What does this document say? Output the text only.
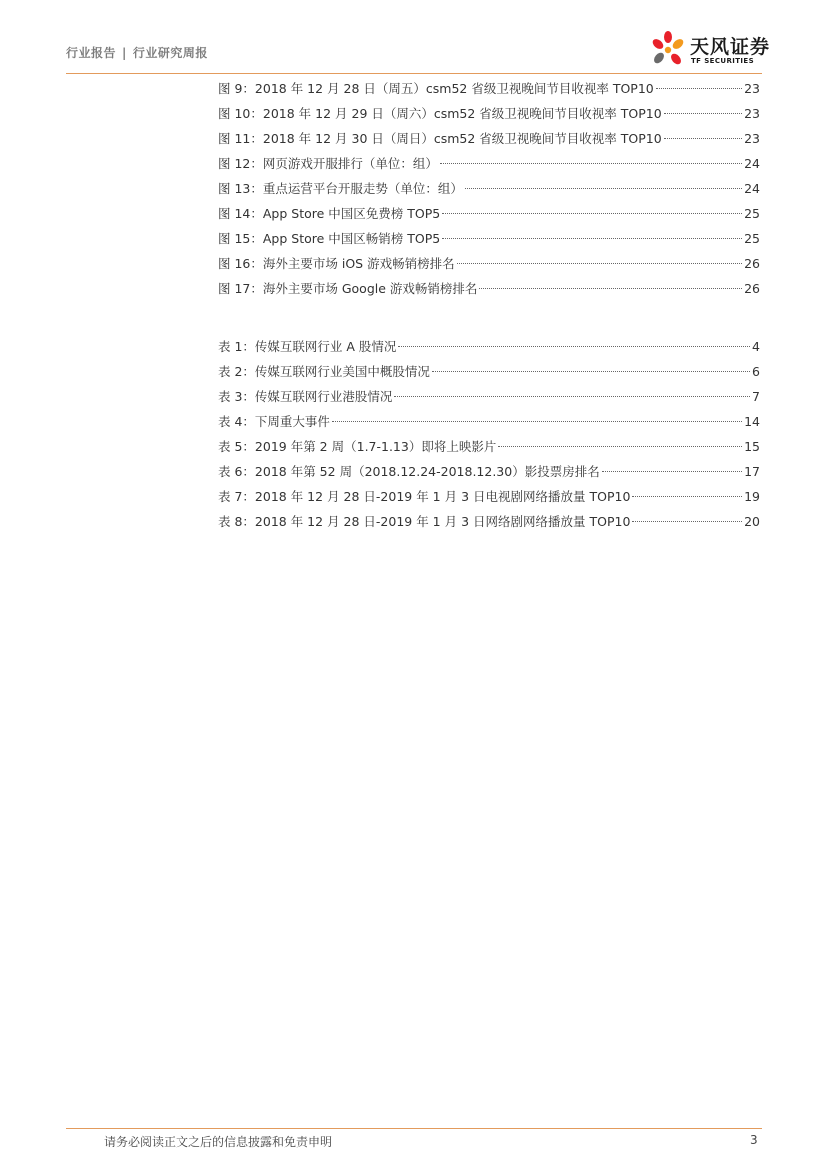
行业报告 | 行业研究周报	天风证券
TF SECURITIES
图 9：2018 年 12 月 28 日（周五）csm52 省级卫视晚间节目收视率 TOP10	23
图 10：2018 年 12 月 29 日（周六）csm52 省级卫视晚间节目收视率 TOP10	23
图 11：2018 年 12 月 30 日（周日）csm52 省级卫视晚间节目收视率 TOP10	23
图 12：网页游戏开服排行（单位：组）	24
图 13：重点运营平台开服走势（单位：组）	24
图 14：App Store 中国区免费榜 TOP5	25
图 15：App Store 中国区畅销榜 TOP5	25
图 16：海外主要市场 iOS 游戏畅销榜排名	26
图 17：海外主要市场 Google 游戏畅销榜排名	26
表 1：传媒互联网行业 A 股情况	4
表 2：传媒互联网行业美国中概股情况	6
表 3：传媒互联网行业港股情况	7
表 4：下周重大事件	14
表 5：2019 年第 2 周（1.7-1.13）即将上映影片	15
表 6：2018 年第 52 周（2018.12.24-2018.12.30）影投票房排名	17
表 7：2018 年 12 月 28 日-2019 年 1 月 3 日电视剧网络播放量 TOP10	19
表 8：2018 年 12 月 28 日-2019 年 1 月 3 日网络剧网络播放量 TOP10	20
请务必阅读正文之后的信息披露和免责申明	3
